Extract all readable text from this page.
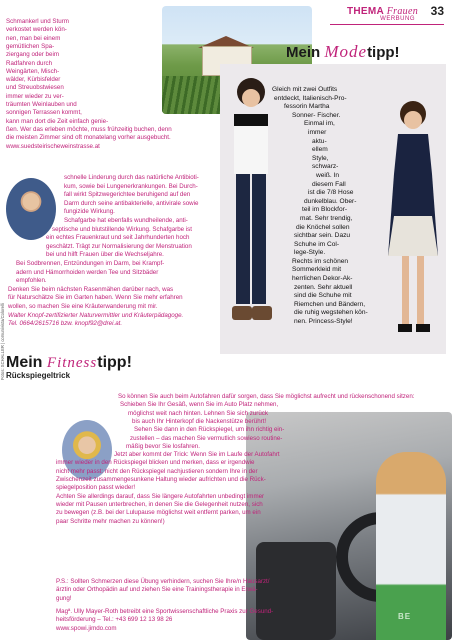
THEMA Frauen
WERBUNG
33
Schmankerl und Sturm
verkostet werden kön-
nen, man bei einem
gemütlichen Spa-
ziergang oder beim
Radfahren durch
Weingärten, Misch-
wälder, Kürbisfelder
und Streuobstwiesen
immer wieder zu ver-
träumten Weinlauben und
sonnigen Terrassen kommt,
kann man dort die Zeit einfach genie-
ßen. Wer das erleben möchte, muss frühzeitig buchen, denn
die meisten Zimmer sind oft monatelang vorher ausgebucht.
www.suedsteirischeweinstrasse.at
schnelle Linderung durch das natürliche Antibioti-
kum, sowie bei Lungenerkrankungen. Bei Durch-
fall wirkt Spitzwegerichtee beruhigend auf den
Darm durch seine antibakterielle, antivirale sowie
fungizide Wirkung.
Schafgarbe hat ebenfalls wundheilende, anti-
septische und blutstillende Wirkung. Schafgarbe ist
ein echtes Frauenkraut und seit Jahrhunderten hoch
geschätzt. Trägt zur Normalisierung der Menstruation
bei und hilft Frauen über die Wechseljahre.
Bei Sodbrennen, Entzündungen im Darm, bei Krampf-
adern und Hämorrhoiden werden Tee und Sitzbäder
empfohlen.
Denken Sie beim nächsten Rasenmähen darüber nach, was
für Naturschätze Sie im Garten haben. Wenn Sie mehr erfahren
wollen, so machen Sie eine Kräuterwanderung mit mir.
Walter Knopf-zertifizierter Naturvermittler und Kräuterpädagoge.
Tel. 0664/2615716 bzw. knopf92@drei.at.
Mein Modetipp!
Gleich mit zwei Outfits
entdeckt, Italienisch-Pro-
fessorin Martha
Sonner- Fischer.
Einmal im,
immer
aktu-
ellem
Style,
schwarz-
weiß. In
diesem Fall
ist die 7/8 Hose
dunkelblau. Ober-
teil im Blockfor-
mat. Sehr trendig,
die Knöchel sollen
sichtbar sein. Dazu
Schuhe im Col-
lege-Style.
Rechts im schönen
Sommerkleid mit
herrlichen Dekor-Ak-
zenten. Sehr aktuell
sind die Schuhe mit
Riemchen und Bändern,
die ruhig wegstehen kön-
nen. Princess-Style!
Fotos: SCHALLER | comunivista/Colorelli Mein Fitnesstipp!
Rückspiegeltrick
BE
So können Sie auch beim Autofahren dafür sorgen, dass Sie möglichst aufrecht und rückenschonend sitzen:
Schieben Sie Ihr Gesäß, wenn Sie im Auto Platz nehmen,
möglichst weit nach hinten. Lehnen Sie sich zurück
bis auch Ihr Hinterkopf die Nackenstütze berührt!
Sehen Sie dann in den Rückspiegel, um ihn richtig ein-
zustellen – das machen Sie vermutlich sowieso routine-
mäßig bevor Sie losfahren.
Jetzt aber kommt der Trick: Wenn Sie im Laufe der Autofahrt
immer wieder in den Rückspiegel blicken und merken, dass er irgendwie
nicht mehr passt: nicht den Rückspiegel nachjustieren sondern Ihre in der
Zwischenzeit zusammengesunkene Haltung wieder aufrichten und die Rück-
spiegelposition passt wieder!
Achten Sie allerdings darauf, dass Sie längere Autofahrten unbedingt immer
wieder mit Pausen unterbrechen, in denen Sie die Gelegenheit nutzen, sich
zu bewegen (z.B. bei der Lulupause möglichst weit entfernt parken, um ein
paar Schritte mehr machen zu können!)
P.S.: Sollten Schmerzen diese Übung verhindern, suchen Sie Ihre/n Hausarzt/
ärztin oder Orthopädin auf und ziehen Sie eine Trainingstherapie in Erwä-
gung!
Magª. Ully Mayer-Roth betreibt eine Sportwissenschaftliche Praxis zur Gesund-
heitsförderung – Tel.: +43 699 12 13 98 26
www.spowi.jimdo.com
